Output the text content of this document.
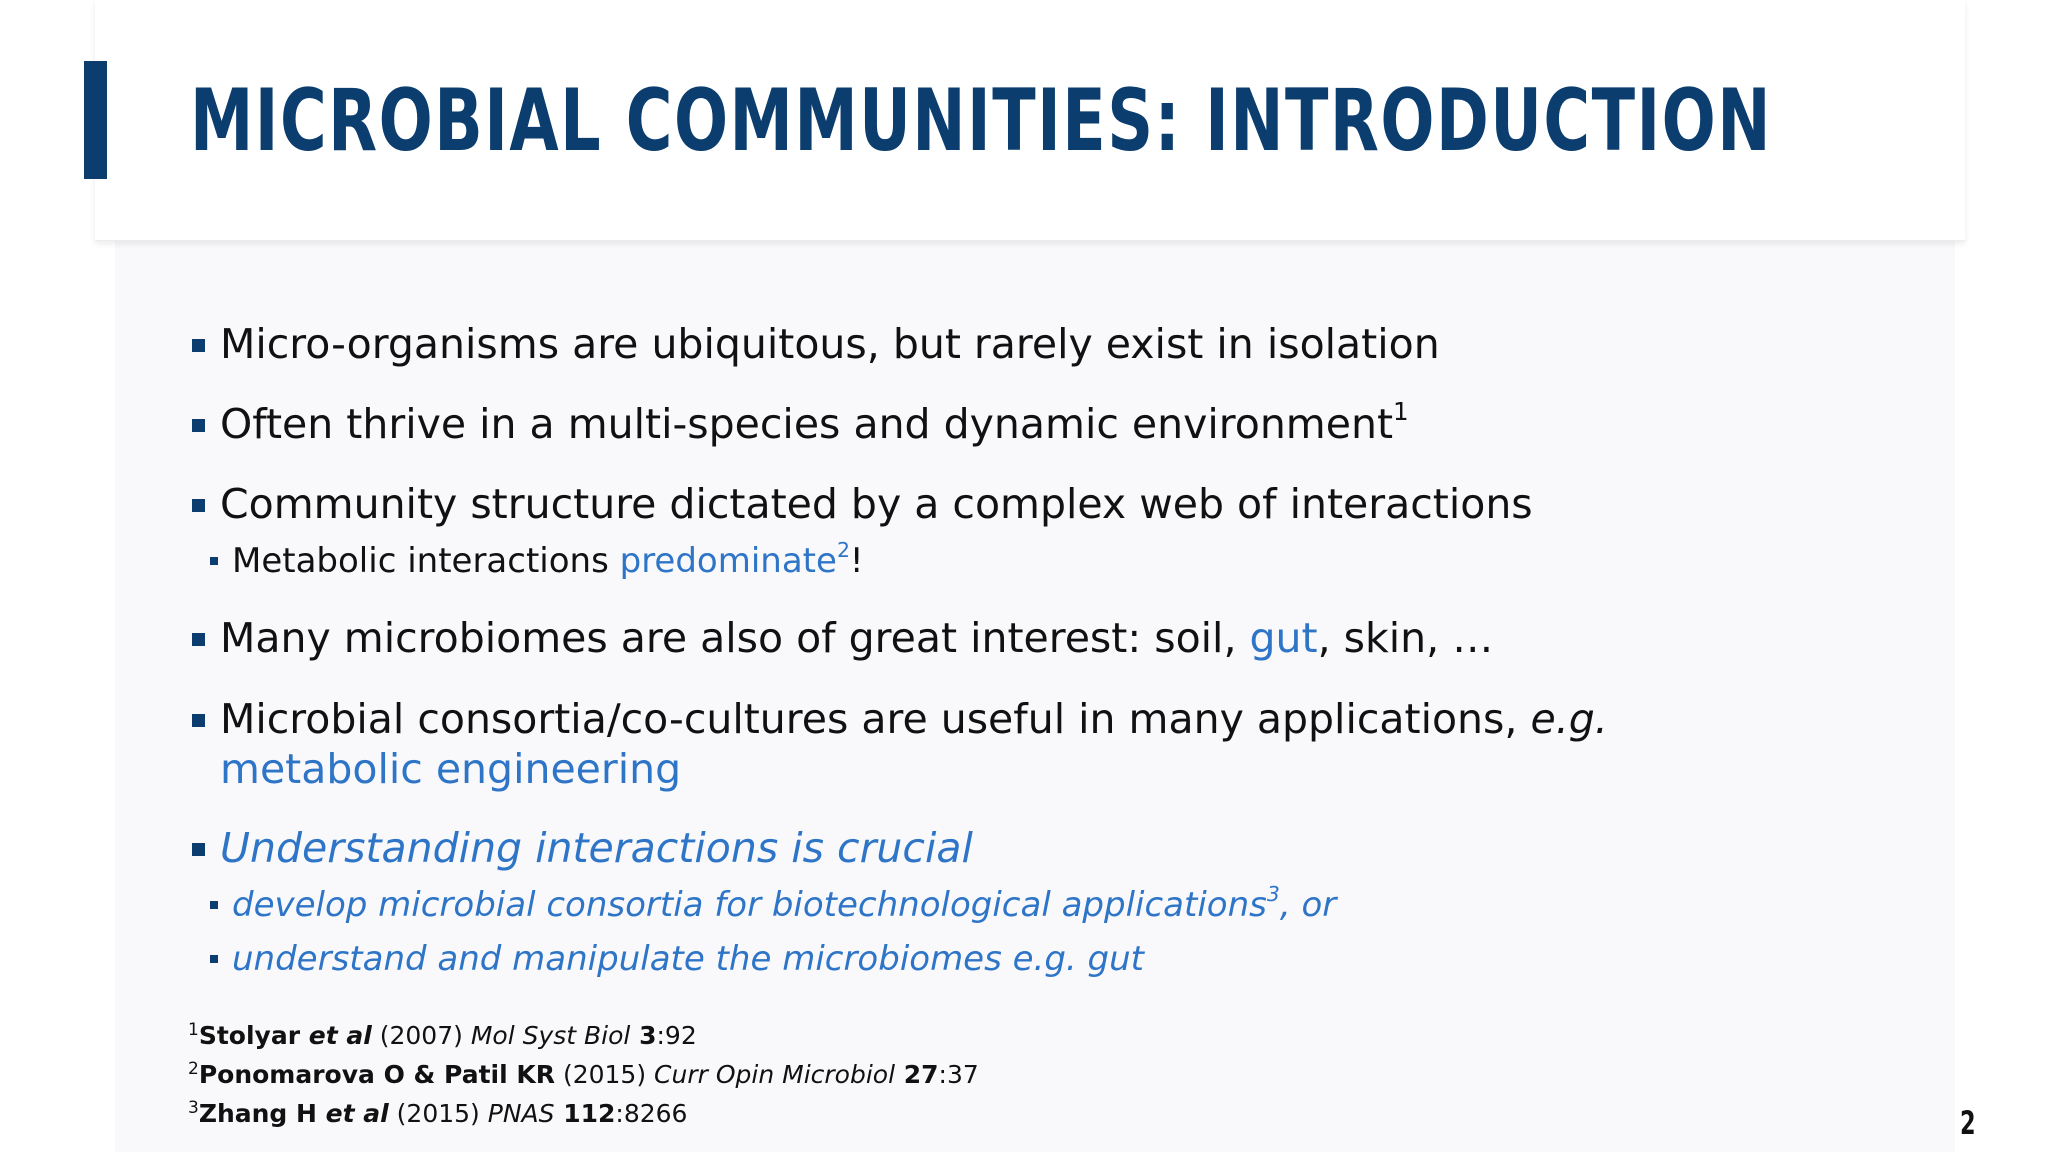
MICROBIAL COMMUNITIES: INTRODUCTION
Micro-organisms are ubiquitous, but rarely exist in isolation
Often thrive in a multi-species and dynamic environment$^1$
Community structure dictated by a complex web of interactions
Metabolic interactions predominate$^2$!
Many microbiomes are also of great interest: soil, gut, skin, …
Microbial consortia/co-cultures are useful in many applications, e.g.
metabolic engineering
Understanding interactions is crucial
develop microbial consortia for biotechnological applications$^3$, or
understand and manipulate the microbiomes e.g. gut
$^1$Stolyar et al (2007) Mol Syst Biol 3:92
$^2$Ponomarova O & Patil KR (2015) Curr Opin Microbiol 27:37
$^3$Zhang H et al (2015) PNAS 112:8266	2
